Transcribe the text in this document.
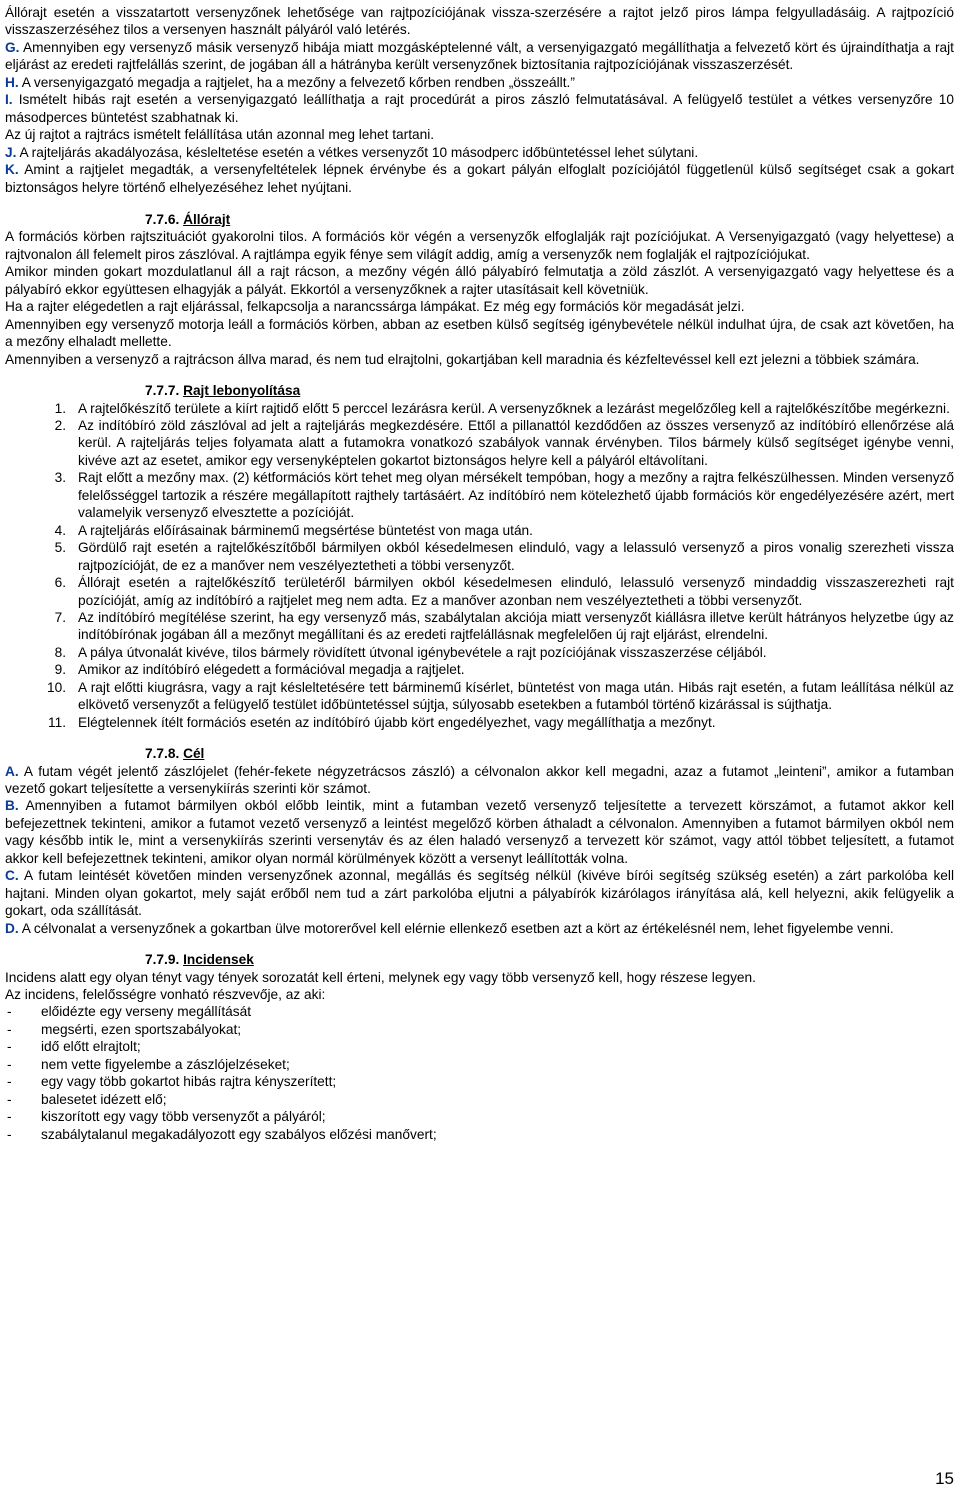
Állórajt esetén a visszatartott versenyzőnek lehetősége van rajtpozíciójának vissza-szerzésére a rajtot jelző piros lámpa felgyulladásáig. A rajtpozíció visszaszerzéséhez tilos a versenyen használt pályáról való letérés.

G. Amennyiben egy versenyző másik versenyző hibája miatt mozgásképtelenné vált, a versenyigazgató megállíthatja a felvezető kört és újraindíthatja a rajt eljárást az eredeti rajtfelállás szerint, de jogában áll a hátrányba került versenyzőnek biztosítania rajtpozíciójának visszaszerzését.

H. A versenyigazgató megadja a rajtjelet, ha a mezőny a felvezető kőrben rendben „összeállt.”

I. Ismételt hibás rajt esetén a versenyigazgató leállíthatja a rajt procedúrát a piros zászló felmutatásával. A felügyelő testület a vétkes versenyzőre 10 másodperces büntetést szabhatnak ki.

Az új rajtot a rajtrács ismételt felállítása után azonnal meg lehet tartani.

J. A rajteljárás akadályozása, késleltetése esetén a vétkes versenyzőt 10 másodperc időbüntetéssel lehet súlytani.

K. Amint a rajtjelet megadták, a versenyfeltételek lépnek érvénybe és a gokart pályán elfoglalt pozíciójától függetlenül külső segítséget csak a gokart biztonságos helyre történő elhelyezéséhez lehet nyújtani.

7.7.6. Állórajt

A formációs körben rajtszituációt gyakorolni tilos. A formációs kör végén a versenyzők elfoglalják rajt pozíciójukat. A Versenyigazgató (vagy helyettese) a rajtvonalon áll felemelt piros zászlóval. A rajtlámpa egyik fénye sem világít addig, amíg a versenyzők nem foglalják el rajtpozíciójukat.

Amikor minden gokart mozdulatlanul áll a rajt rácson, a mezőny végén álló pályabíró felmutatja a zöld zászlót. A versenyigazgató vagy helyettese és a pályabíró ekkor együttesen elhagyják a pályát. Ekkortól a versenyzőknek a rajter utasításait kell követniük.

Ha a rajter elégedetlen a rajt eljárással, felkapcsolja a narancssárga lámpákat. Ez még egy formációs kör megadását jelzi.

Amennyiben egy versenyző motorja leáll a formációs körben, abban az esetben külső segítség igénybevétele nélkül indulhat újra, de csak azt követően, ha a mezőny elhaladt mellette.

Amennyiben a versenyző a rajtrácson állva marad, és nem tud elrajtolni, gokartjában kell maradnia és kézfeltevéssel kell ezt jelezni a többiek számára.

7.7.7. Rajt lebonyolítása

1. A rajtelőkészítő területe a kiírt rajtidő előtt 5 perccel lezárásra kerül. A versenyzőknek a lezárást megelőzőleg kell a rajtelőkészítőbe megérkezni.
2. Az indítóbíró zöld zászlóval ad jelt a rajteljárás megkezdésére. Ettől a pillanattól kezdődően az összes versenyző az indítóbíró ellenőrzése alá kerül. A rajteljárás teljes folyamata alatt a futamokra vonatkozó szabályok vannak érvényben. Tilos bármely külső segítséget igénybe venni, kivéve azt az esetet, amikor egy versenyképtelen gokartot biztonságos helyre kell a pályáról eltávolítani.
3. Rajt előtt a mezőny max. (2) kétformációs kört tehet meg olyan mérsékelt tempóban, hogy a mezőny a rajtra felkészülhessen. Minden versenyző felelősséggel tartozik a részére megállapított rajthely tartásáért. Az indítóbíró nem kötelezhető újabb formációs kör engedélyezésére azért, mert valamelyik versenyző elvesztette a pozícióját.
4. A rajteljárás előírásainak bárminemű megsértése büntetést von maga után.
5. Gördülő rajt esetén a rajtelőkészítőből bármilyen okból késedelmesen elinduló, vagy a lelassuló versenyző a piros vonalig szerezheti vissza rajtpozícióját, de ez a manőver nem veszélyeztetheti a többi versenyzőt.
6. Állórajt esetén a rajtelőkészítő területéről bármilyen okból késedelmesen elinduló, lelassuló versenyző mindaddig visszaszerezheti rajt pozícióját, amíg az indítóbíró a rajtjelet meg nem adta. Ez a manőver azonban nem veszélyeztetheti a többi versenyzőt.
7. Az indítóbíró megítélése szerint, ha egy versenyző más, szabálytalan akciója miatt versenyzőt kiállásra illetve került hátrányos helyzetbe úgy az indítóbírónak jogában áll a mezőnyt megállítani és az eredeti rajtfelállásnak megfelelően új rajt eljárást, elrendelni.
8. A pálya útvonalát kivéve, tilos bármely rövidített útvonal igénybevétele a rajt pozíciójának visszaszerzése céljából.
9. Amikor az indítóbíró elégedett a formációval megadja a rajtjelet.
10. A rajt előtti kiugrásra, vagy a rajt késleltetésére tett bárminemű kísérlet, büntetést von maga után. Hibás rajt esetén, a futam leállítása nélkül az elkövető versenyzőt a felügyelő testület időbüntetéssel sújtja, súlyosabb esetekben a futamból történő kizárással is sújthatja.
11. Elégtelennek ítélt formációs esetén az indítóbíró újabb kört engedélyezhet, vagy megállíthatja a mezőnyt.

7.7.8. Cél

A. A futam végét jelentő zászlójelet (fehér-fekete négyzetrácsos zászló) a célvonalon akkor kell megadni, azaz a futamot „leinteni”, amikor a futamban vezető gokart teljesítette a versenykiírás szerinti kör számot.

B. Amennyiben a futamot bármilyen okból előbb leintik, mint a futamban vezető versenyző teljesítette a tervezett körszámot, a futamot akkor kell befejezettnek tekinteni, amikor a futamot vezető versenyző a leintést megelőző körben áthaladt a célvonalon. Amennyiben a futamot bármilyen okból nem vagy később intik le, mint a versenykiírás szerinti versenytáv és az élen haladó versenyző a tervezett kör számot, vagy attól többet teljesített, a futamot akkor kell befejezettnek tekinteni, amikor olyan normál körülmények között a versenyt leállították volna.

C. A futam leintését követően minden versenyzőnek azonnal, megállás és segítség nélkül (kivéve bírói segítség szükség esetén) a zárt parkolóba kell hajtani. Minden olyan gokartot, mely saját erőből nem tud a zárt parkolóba eljutni a pályabírók kizárólagos irányítása alá, kell helyezni, akik felügyelik a gokart, oda szállítását.

D. A célvonalat a versenyzőnek a gokartban ülve motorerővel kell elérnie ellenkező esetben azt a kört az értékelésnél nem, lehet figyelembe venni.

7.7.9. Incidensek

Incidens alatt egy olyan tényt vagy tények sorozatát kell érteni, melynek egy vagy több versenyző kell, hogy részese legyen.

Az incidens, felelősségre vonható részvevője, az aki:

- előidézte egy verseny megállítását
- megsérti, ezen sportszabályokat;
- idő előtt elrajtolt;
- nem vette figyelembe a zászlójelzéseket;
- egy vagy több gokartot hibás rajtra kényszerített;
- balesetet idézett elő;
- kiszorított egy vagy több versenyzőt a pályáról;
- szabálytalanul megakadályozott egy szabályos előzési manővert;
15
